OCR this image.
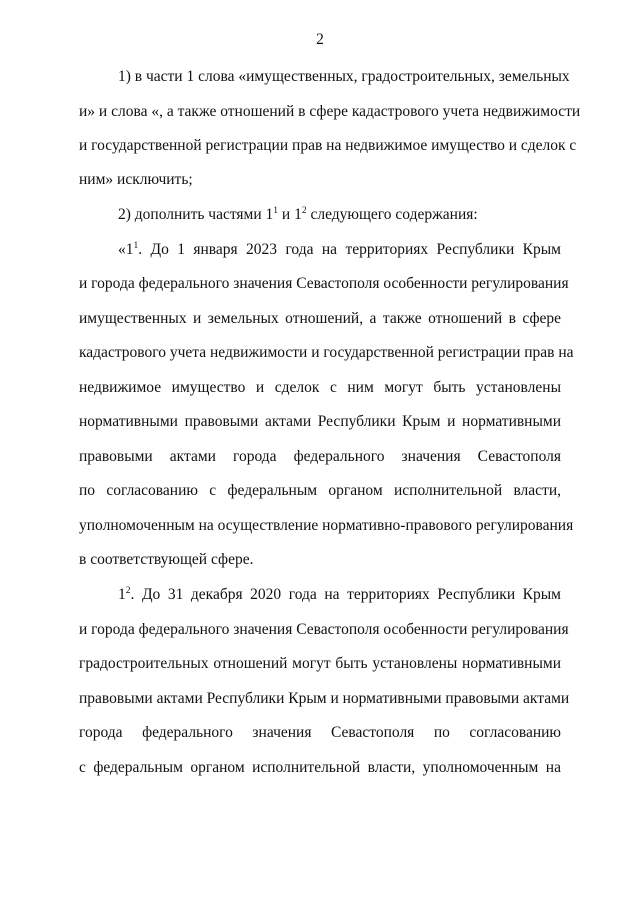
2
1) в части 1 слова «имущественных, градостроительных, земельных
и» и слова «, а также отношений в сфере кадастрового учета недвижимости
и государственной регистрации прав на недвижимое имущество и сделок с
ним» исключить;
2) дополнить частями $1^1$ и $1^2$ следующего содержания:
«$1^1$. До 1 января 2023 года на территориях Республики Крым
и города федерального значения Севастополя особенности регулирования
имущественных и земельных отношений, а также отношений в сфере
кадастрового учета недвижимости и государственной регистрации прав на
недвижимое имущество и сделок с ним могут быть установлены
нормативными правовыми актами Республики Крым и нормативными
правовыми актами города федерального значения Севастополя
по согласованию с федеральным органом исполнительной власти,
уполномоченным на осуществление нормативно-правового регулирования
в соответствующей сфере.
$1^2$. До 31 декабря 2020 года на территориях Республики Крым
и города федерального значения Севастополя особенности регулирования
градостроительных отношений могут быть установлены нормативными
правовыми актами Республики Крым и нормативными правовыми актами
города федерального значения Севастополя по согласованию
с федеральным органом исполнительной власти, уполномоченным на
